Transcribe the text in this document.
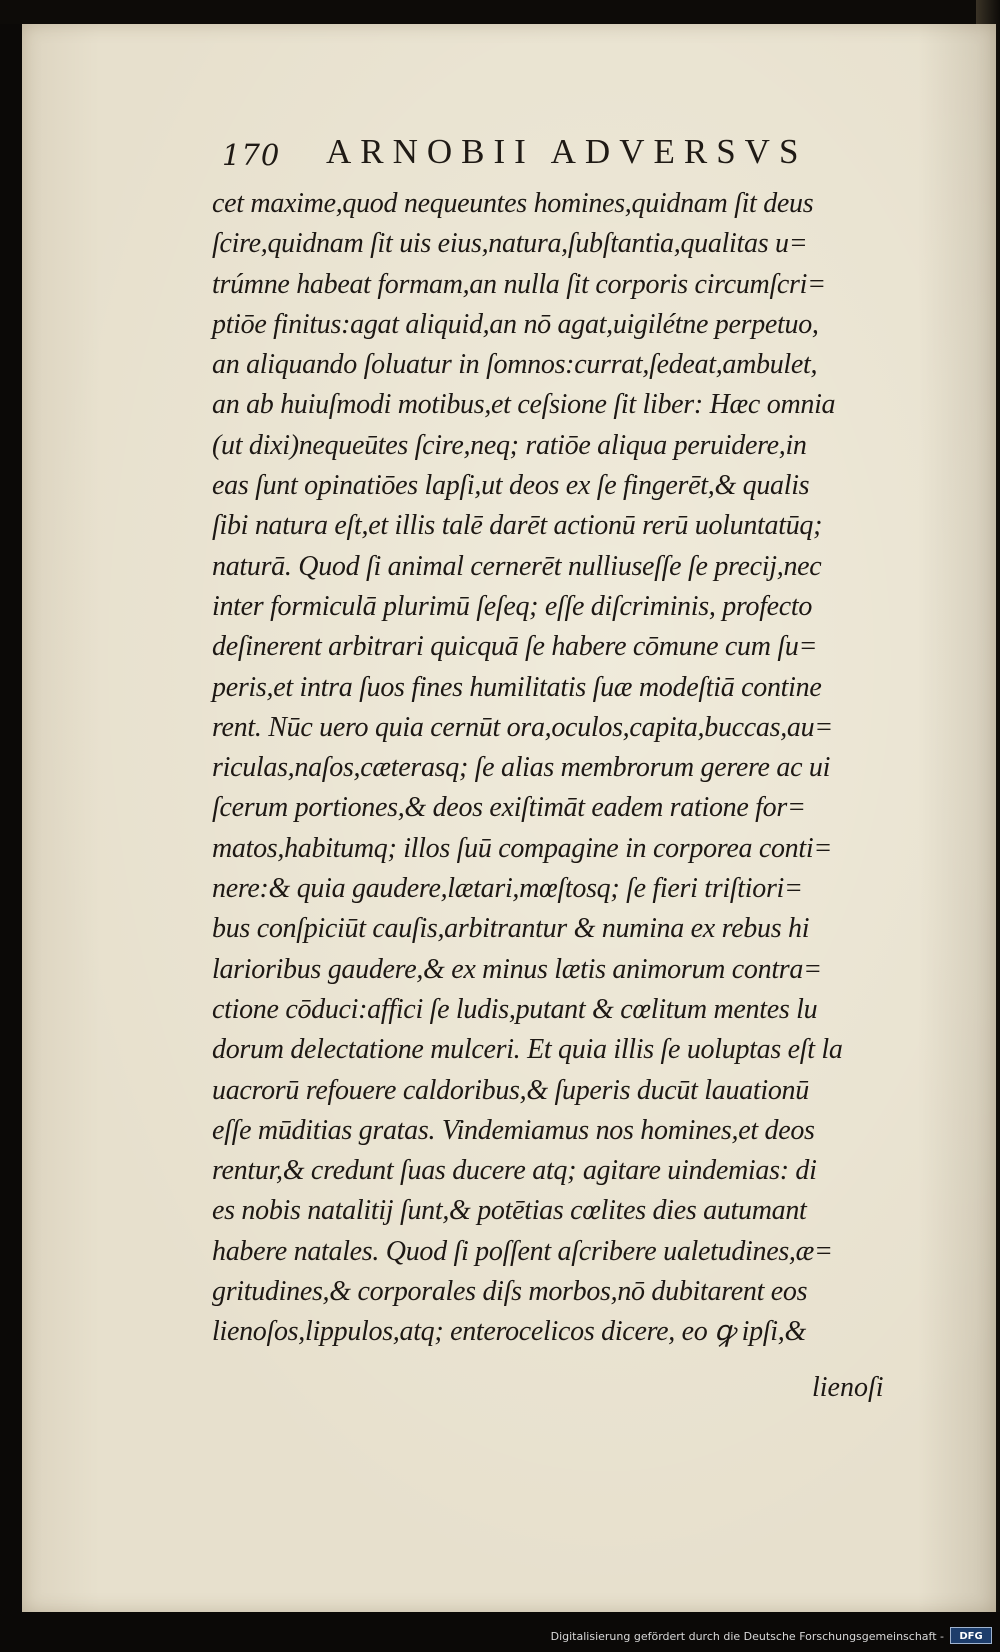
170 ARNOBII ADVERSVS
cet maxime,quod nequeuntes homines,quidnam ſit deus
ſcire,quidnam ſit uis eius,natura,ſubſtantia,qualitas u=
trúmne habeat formam,an nulla ſit corporis circumſcri=
ptiōe finitus:agat aliquid,an nō agat,uigilétne perpetuo,
an aliquando ſoluatur in ſomnos:currat,ſedeat,ambulet,
an ab huiuſmodi motibus,et ceſsione ſit liber: Hæc omnia
(ut dixi)nequeūtes ſcire,neq; ratiōe aliqua peruidere,in
eas ſunt opinatiōes lapſi,ut deos ex ſe fingerēt,& qualis
ſibi natura eſt,et illis talē darēt actionū rerū uoluntatūq;
naturā. Quod ſi animal cernerēt nulliuseſſe ſe precij,nec
inter formiculā plurimū ſeſeq; eſſe diſcriminis, profecto
deſinerent arbitrari quicquā ſe habere cōmune cum ſu=
peris,et intra ſuos fines humilitatis ſuæ modeſtiā contine
rent. Nūc uero quia cernūt ora,oculos,capita,buccas,au=
riculas,naſos,cæterasq; ſe alias membrorum gerere ac ui
ſcerum portiones,& deos exiſtimāt eadem ratione for=
matos,habitumq; illos ſuū compagine in corporea conti=
nere:& quia gaudere,lætari,mœſtosq; ſe fieri triſtiori=
bus conſpiciūt cauſis,arbitrantur & numina ex rebus hi
larioribus gaudere,& ex minus lætis animorum contra=
ctione cōduci:affici ſe ludis,putant & cœlitum mentes lu
dorum delectatione mulceri. Et quia illis ſe uoluptas eſt la
uacrorū refouere caldoribus,& ſuperis ducūt lauationū
eſſe mūditias gratas. Vindemiamus nos homines,et deos
rentur,& credunt ſuas ducere atq; agitare uindemias: di
es nobis natalitij ſunt,& potētias cœlites dies autumant
habere natales. Quod ſi poſſent aſcribere ualetudines,æ=
gritudines,& corporales diſs morbos,nō dubitarent eos
lienoſos,lippulos,atq; enterocelicos dicere, eo ꝙ ipſi,&
lienoſi
Digitalisierung gefördert durch die Deutsche Forschungsgemeinschaft -	DFG
